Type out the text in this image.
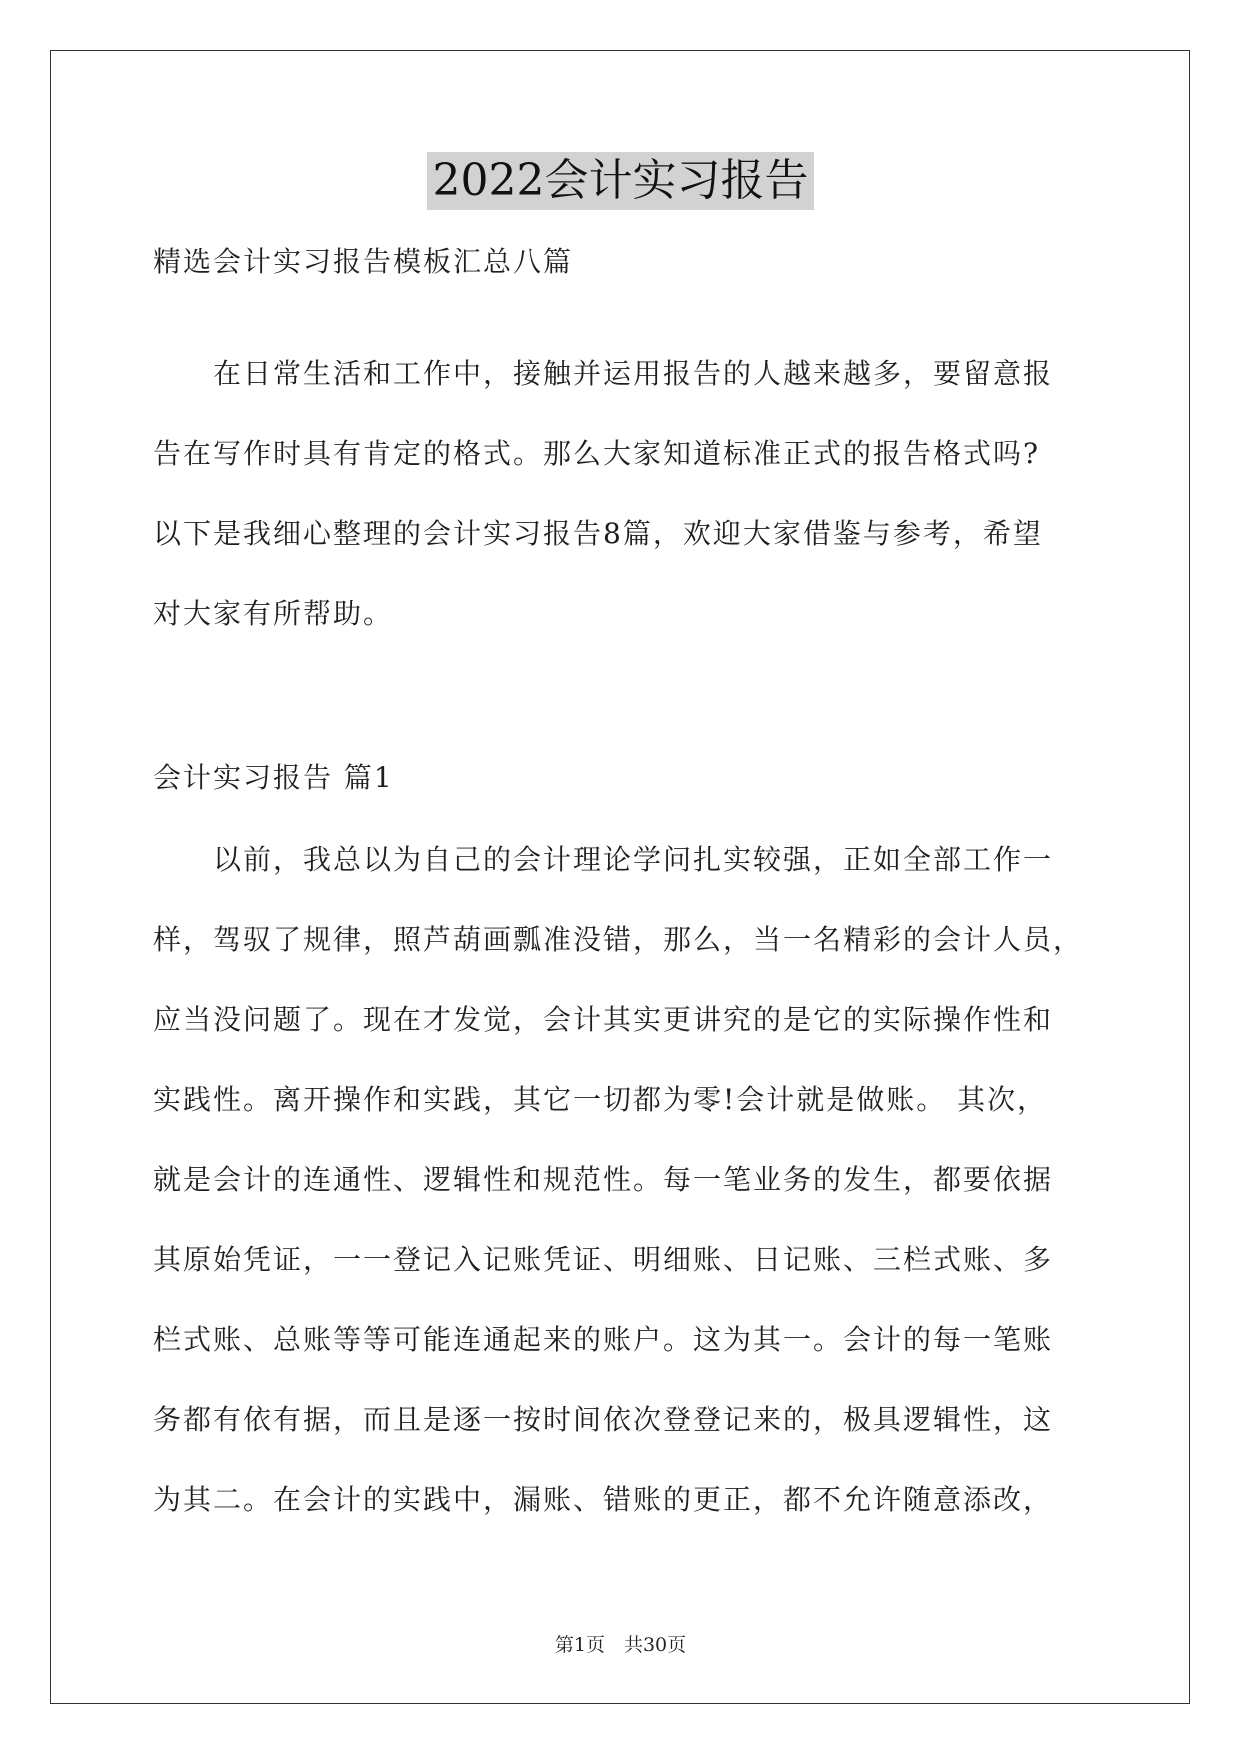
2022会计实习报告
精选会计实习报告模板汇总八篇
　　在日常生活和工作中，接触并运用报告的人越来越多，要留意报
告在写作时具有肯定的格式。那么大家知道标准正式的报告格式吗?
以下是我细心整理的会计实习报告8篇，欢迎大家借鉴与参考，希望
对大家有所帮助。
会计实习报告 篇1
　　以前，我总以为自己的会计理论学问扎实较强，正如全部工作一
样，驾驭了规律，照芦葫画瓢准没错，那么，当一名精彩的会计人员，
应当没问题了。现在才发觉，会计其实更讲究的是它的实际操作性和
实践性。离开操作和实践，其它一切都为零!会计就是做账。 其次，
就是会计的连通性、逻辑性和规范性。每一笔业务的发生，都要依据
其原始凭证，一一登记入记账凭证、明细账、日记账、三栏式账、多
栏式账、总账等等可能连通起来的账户。这为其一。会计的每一笔账
务都有依有据，而且是逐一按时间依次登登记来的，极具逻辑性，这
为其二。在会计的实践中，漏账、错账的更正，都不允许随意添改，
第1页　共30页
